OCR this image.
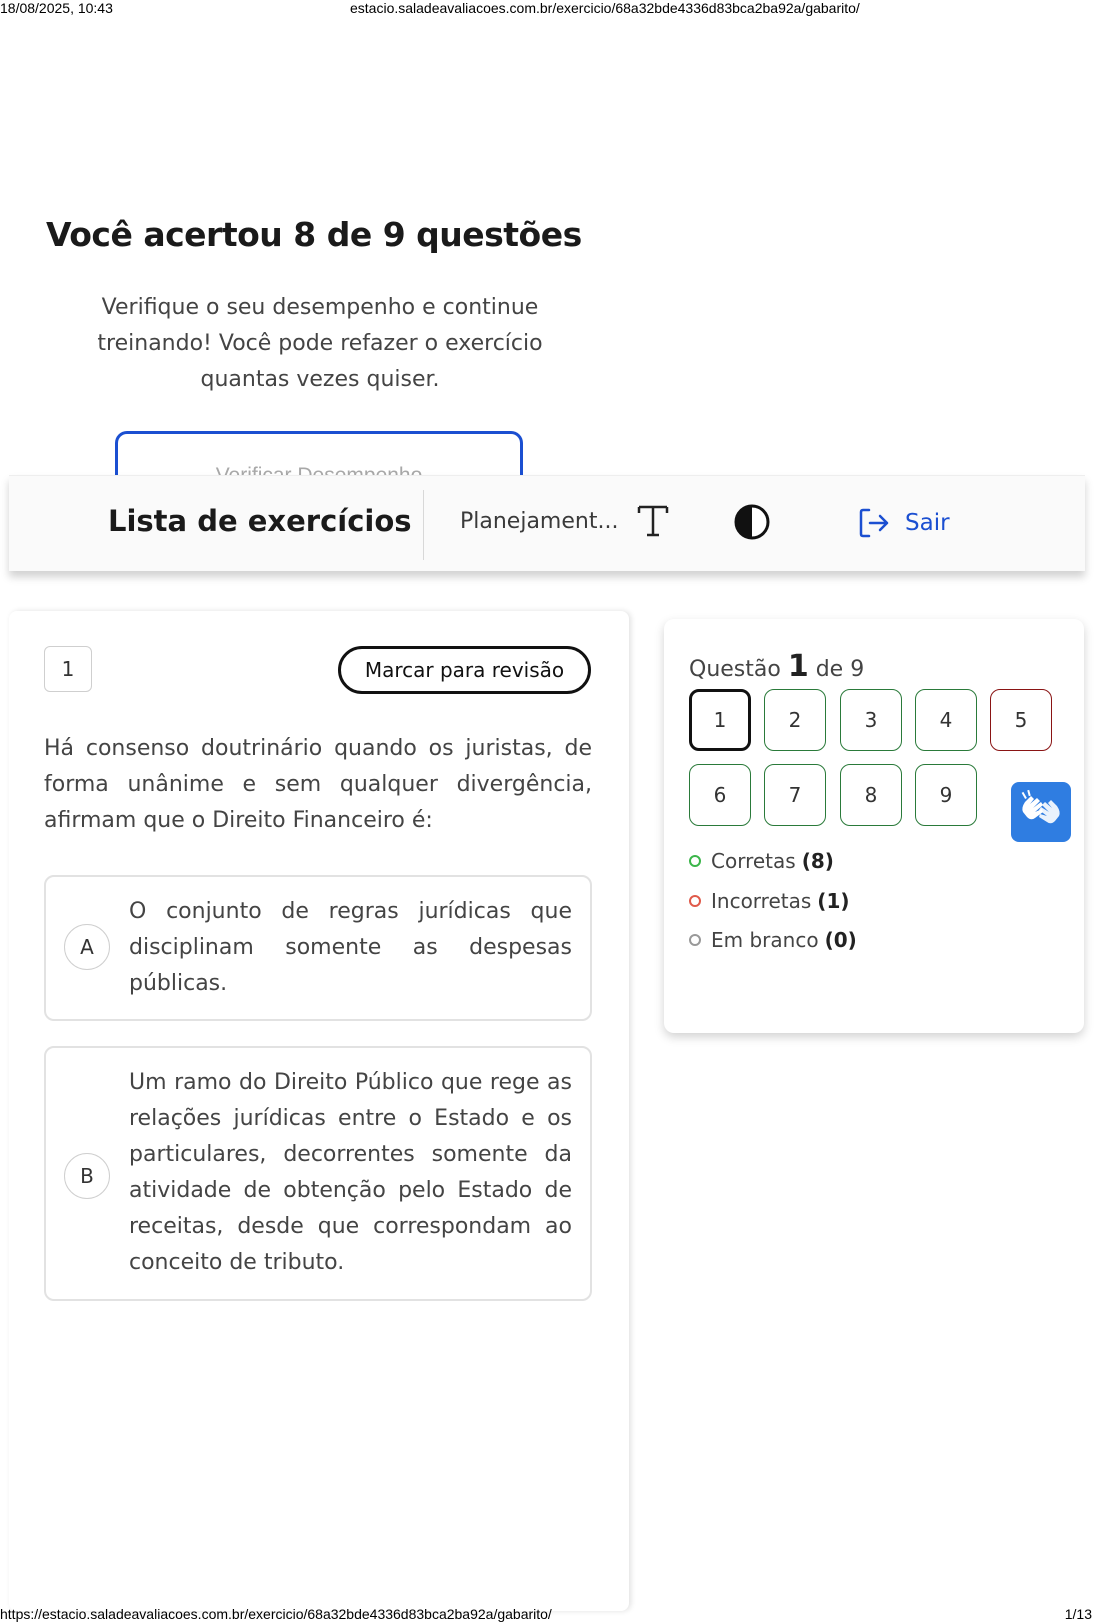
18/08/2025, 10:43	estacio.saladeavaliacoes.com.br/exercicio/68a32bde4336d83bca2ba92a/gabarito/
Você acertou 8 de 9 questões

Verifique o seu desempenho e continue treinando! Você pode refazer o exercício quantas vezes quiser.

Lista de exercícios Planejament...	Sair
1	Marcar para revisão

Há consenso doutrinário quando os juristas, de forma unânime e sem qualquer divergência, afirmam que o Direito Financeiro é:

A
O conjunto de regras jurídicas que disciplinam somente as despesas públicas.
B
Um ramo do Direito Público que rege as relações jurídicas entre o Estado e os particulares, decorrentes somente da atividade de obtenção pelo Estado de receitas, desde que correspondam ao conceito de tributo.
Questão 1 de 9
1	2	3	4	5
6	7	8	9
Corretas (8)
Incorretas (1)
Em branco (0)
https://estacio.saladeavaliacoes.com.br/exercicio/68a32bde4336d83bca2ba92a/gabarito/	1/13
